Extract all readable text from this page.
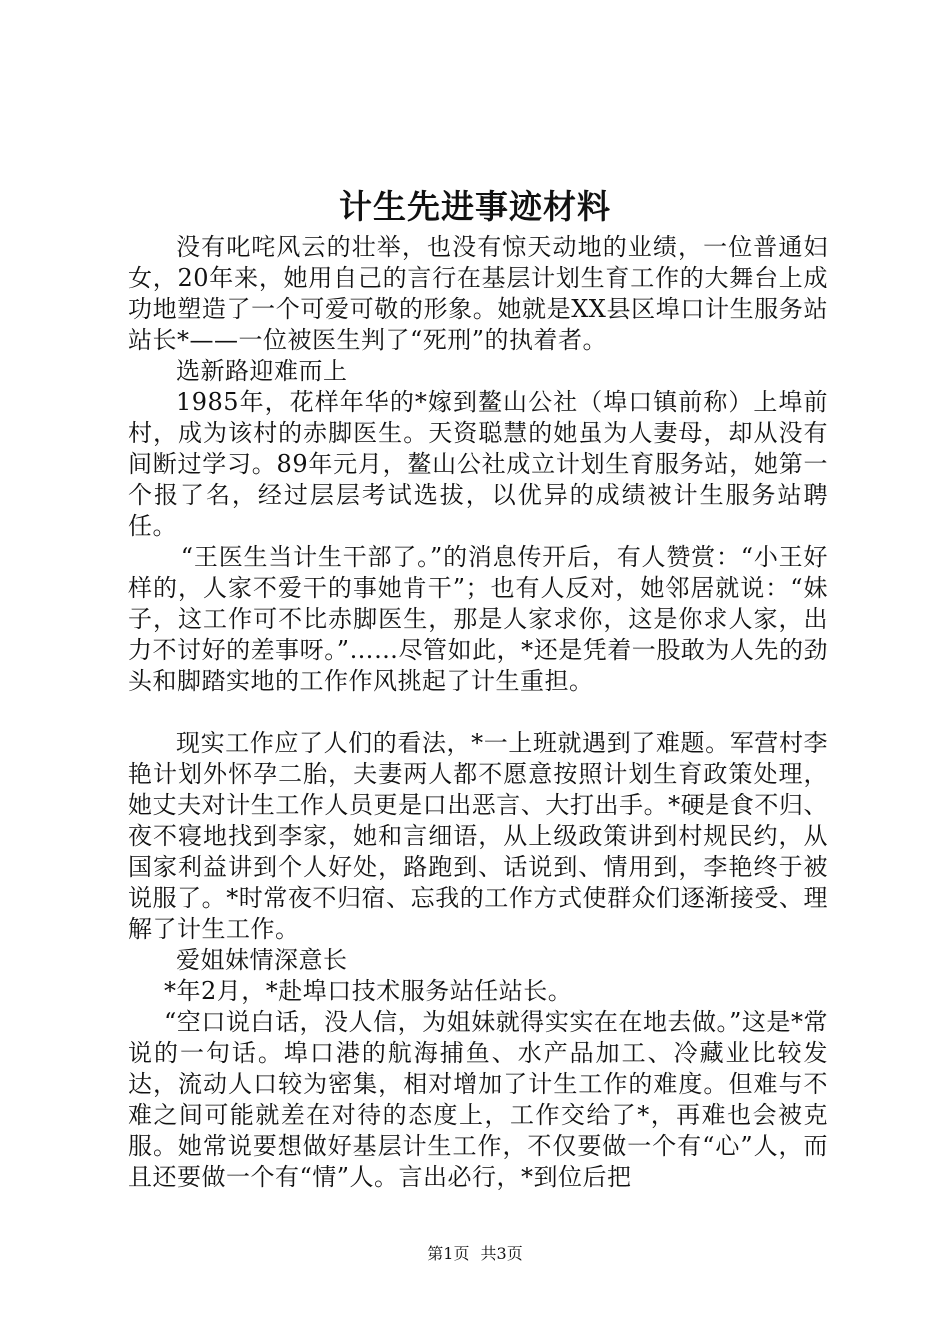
计生先进事迹材料

没有叱咤风云的壮举，也没有惊天动地的业绩，一位普通妇女，20年来，她用自己的言行在基层计划生育工作的大舞台上成功地塑造了一个可爱可敬的形象。她就是XX县区埠口计生服务站站长*——一位被医生判了“死刑”的执着者。

选新路迎难而上

1985年，花样年华的*嫁到鳌山公社（埠口镇前称）上埠前村，成为该村的赤脚医生。天资聪慧的她虽为人妻母，却从没有间断过学习。89年元月，鳌山公社成立计划生育服务站，她第一个报了名，经过层层考试选拔，以优异的成绩被计生服务站聘任。

“王医生当计生干部了。”的消息传开后，有人赞赏：“小王好样的，人家不爱干的事她肯干”；也有人反对，她邻居就说：“妹子，这工作可不比赤脚医生，那是人家求你，这是你求人家，出力不讨好的差事呀。”……尽管如此，*还是凭着一股敢为人先的劲头和脚踏实地的工作作风挑起了计生重担。

现实工作应了人们的看法，*一上班就遇到了难题。军营村李艳计划外怀孕二胎，夫妻两人都不愿意按照计划生育政策处理，她丈夫对计生工作人员更是口出恶言、大打出手。*硬是食不归、夜不寝地找到李家，她和言细语，从上级政策讲到村规民约，从国家利益讲到个人好处，路跑到、话说到、情用到，李艳终于被说服了。*时常夜不归宿、忘我的工作方式使群众们逐渐接受、理解了计生工作。

爱姐妹情深意长

*年2月，*赴埠口技术服务站任站长。

“空口说白话，没人信，为姐妹就得实实在在地去做。”这是*常说的一句话。埠口港的航海捕鱼、水产品加工、冷藏业比较发达，流动人口较为密集，相对增加了计生工作的难度。但难与不难之间可能就差在对待的态度上，工作交给了*，再难也会被克服。她常说要想做好基层计生工作，不仅要做一个有“心”人，而且还要做一个有“情”人。言出必行，*到位后把

第1页 共3页
